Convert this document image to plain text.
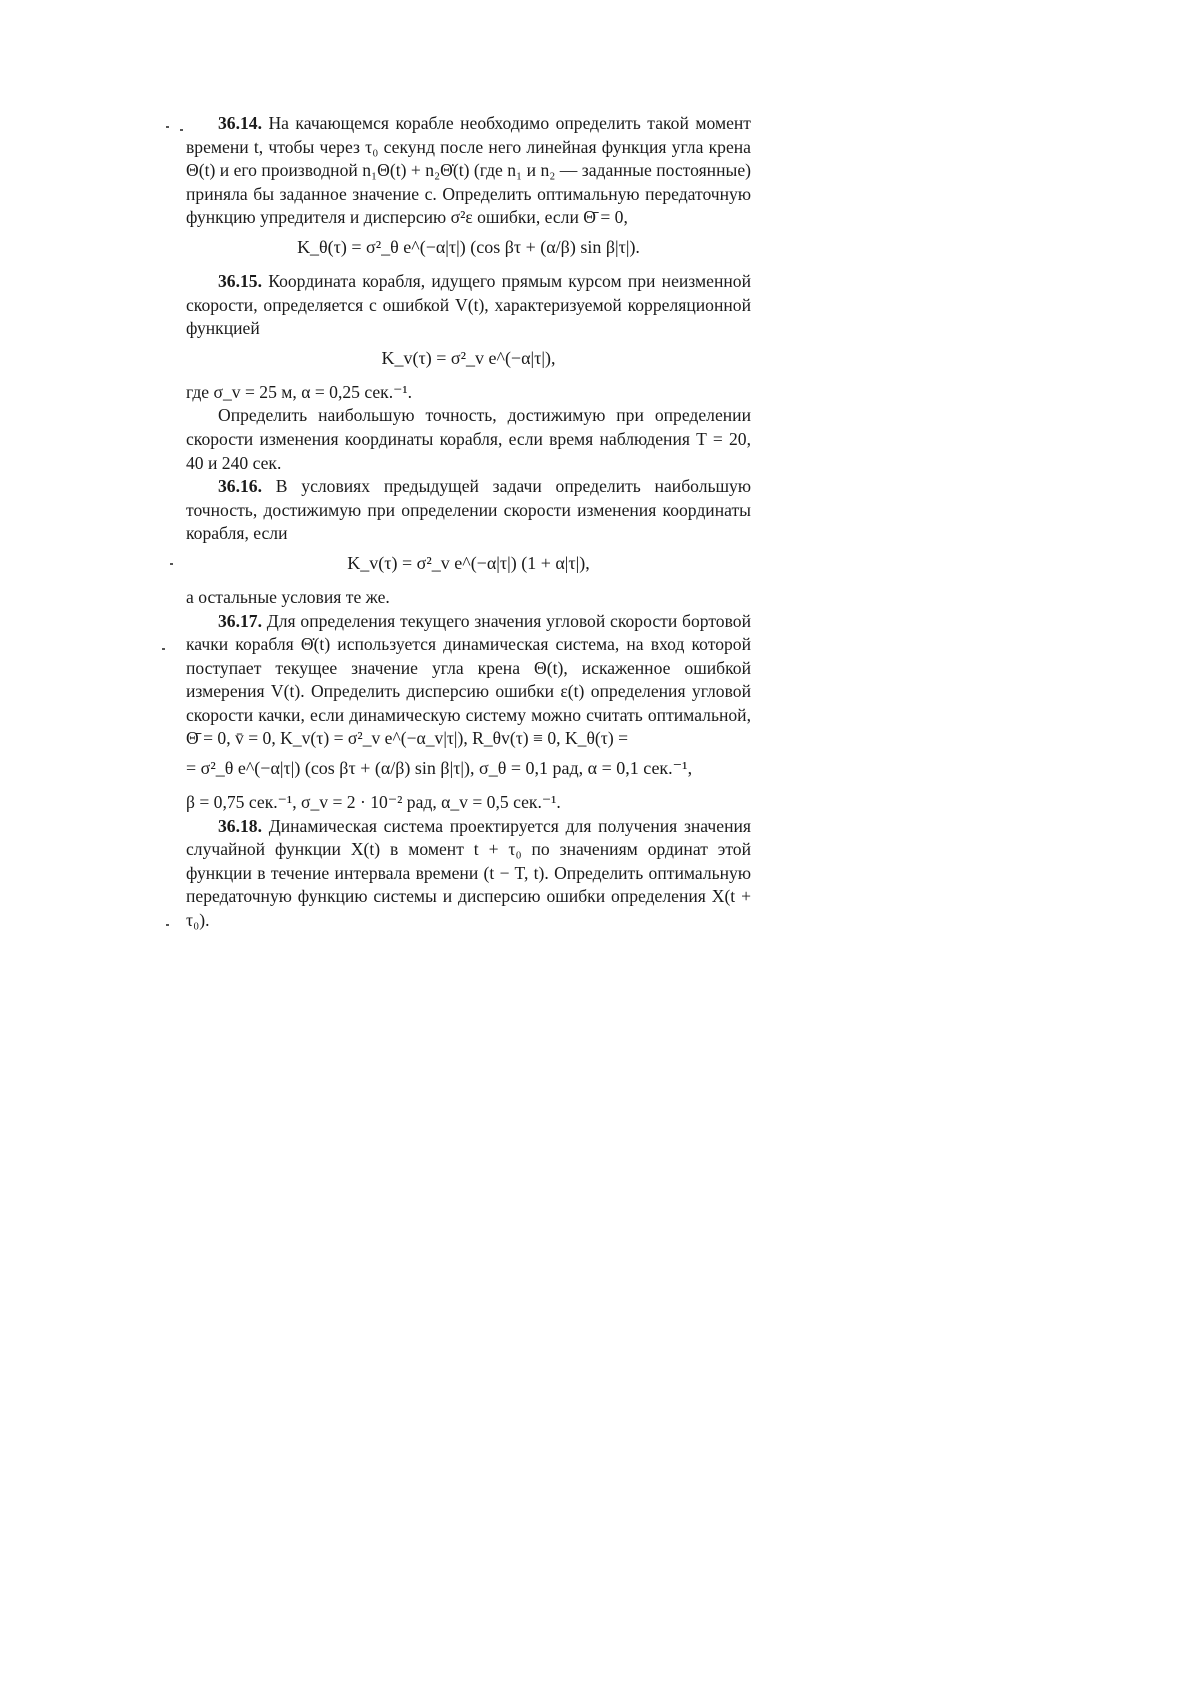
36.14. На качающемся корабле необходимо определить такой момент времени t, чтобы через τ₀ секунд после него линейная функция угла крена Θ(t) и его производной n₁Θ(t) + n₂Θ̇(t) (где n₁ и n₂ — заданные постоянные) приняла бы заданное значение c. Определить оптимальную передаточную функцию упредителя и дисперсию σ²ε ошибки, если Θ̄ = 0,

K_θ(τ) = σ²_θ e^(−α|τ|) (cos βτ + (α/β) sin β|τ|).

36.15. Координата корабля, идущего прямым курсом при неизменной скорости, определяется с ошибкой V(t), характеризуемой корреляционной функцией

K_v(τ) = σ²_v e^(−α|τ|),

где σ_v = 25 м, α = 0,25 сек.⁻¹.

Определить наибольшую точность, достижимую при определении скорости изменения координаты корабля, если время наблюдения T = 20, 40 и 240 сек.

36.16. В условиях предыдущей задачи определить наибольшую точность, достижимую при определении скорости изменения координаты корабля, если

K_v(τ) = σ²_v e^(−α|τ|) (1 + α|τ|),

а остальные условия те же.

36.17. Для определения текущего значения угловой скорости бортовой качки корабля Θ̇(t) используется динамическая система, на вход которой поступает текущее значение угла крена Θ(t), искаженное ошибкой измерения V(t). Определить дисперсию ошибки ε(t) определения угловой скорости качки, если динамическую систему можно считать оптимальной, Θ̄ = 0, v̄ = 0, K_v(τ) = σ²_v e^(−α_v|τ|), R_θv(τ) ≡ 0, K_θ(τ) =

= σ²_θ e^(−α|τ|) (cos βτ + (α/β) sin β|τ|), σ_θ = 0,1 рад, α = 0,1 сек.⁻¹,

β = 0,75 сек.⁻¹, σ_v = 2 · 10⁻² рад, α_v = 0,5 сек.⁻¹.

36.18. Динамическая система проектируется для получения значения случайной функции X(t) в момент t + τ₀ по значениям ординат этой функции в течение интервала времени (t − T, t). Определить оптимальную передаточную функцию системы и дисперсию ошибки определения X(t + τ₀).
